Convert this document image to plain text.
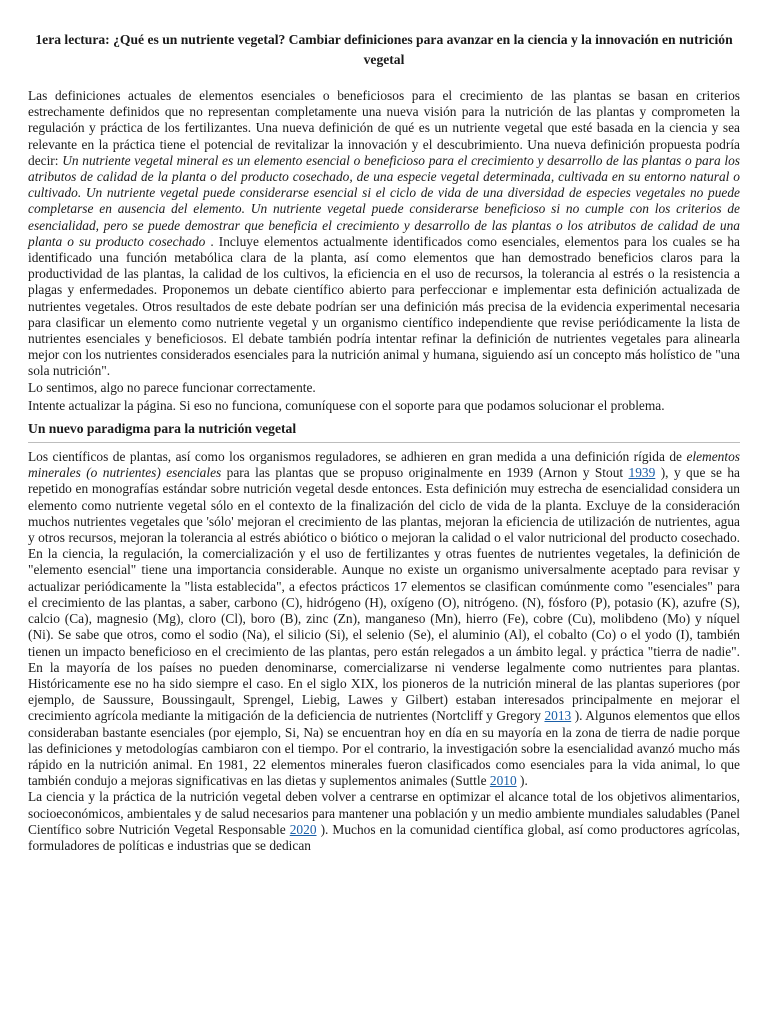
1era lectura: ¿Qué es un nutriente vegetal? Cambiar definiciones para avanzar en la ciencia y la innovación en nutrición vegetal

Las definiciones actuales de elementos esenciales o beneficiosos para el crecimiento de las plantas se basan en criterios estrechamente definidos que no representan completamente una nueva visión para la nutrición de las plantas y comprometen la regulación y práctica de los fertilizantes. Una nueva definición de qué es un nutriente vegetal que esté basada en la ciencia y sea relevante en la práctica tiene el potencial de revitalizar la innovación y el descubrimiento. Una nueva definición propuesta podría decir: Un nutriente vegetal mineral es un elemento esencial o beneficioso para el crecimiento y desarrollo de las plantas o para los atributos de calidad de la planta o del producto cosechado, de una especie vegetal determinada, cultivada en su entorno natural o cultivado. Un nutriente vegetal puede considerarse esencial si el ciclo de vida de una diversidad de especies vegetales no puede completarse en ausencia del elemento. Un nutriente vegetal puede considerarse beneficioso si no cumple con los criterios de esencialidad, pero se puede demostrar que beneficia el crecimiento y desarrollo de las plantas o los atributos de calidad de una planta o su producto cosechado . Incluye elementos actualmente identificados como esenciales, elementos para los cuales se ha identificado una función metabólica clara de la planta, así como elementos que han demostrado beneficios claros para la productividad de las plantas, la calidad de los cultivos, la eficiencia en el uso de recursos, la tolerancia al estrés o la resistencia a plagas y enfermedades. Proponemos un debate científico abierto para perfeccionar e implementar esta definición actualizada de nutrientes vegetales. Otros resultados de este debate podrían ser una definición más precisa de la evidencia experimental necesaria para clasificar un elemento como nutriente vegetal y un organismo científico independiente que revise periódicamente la lista de nutrientes esenciales y beneficiosos. El debate también podría intentar refinar la definición de nutrientes vegetales para alinearla mejor con los nutrientes considerados esenciales para la nutrición animal y humana, siguiendo así un concepto más holístico de "una sola nutrición".

Lo sentimos, algo no parece funcionar correctamente.
Intente actualizar la página. Si eso no funciona, comuníquese con el soporte para que podamos solucionar el problema.
Un nuevo paradigma para la nutrición vegetal

Los científicos de plantas, así como los organismos reguladores, se adhieren en gran medida a una definición rígida de elementos minerales (o nutrientes) esenciales para las plantas que se propuso originalmente en 1939 (Arnon y Stout 1939 ), y que se ha repetido en monografías estándar sobre nutrición vegetal desde entonces. Esta definición muy estrecha de esencialidad considera un elemento como nutriente vegetal sólo en el contexto de la finalización del ciclo de vida de la planta. Excluye de la consideración muchos nutrientes vegetales que 'sólo' mejoran el crecimiento de las plantas, mejoran la eficiencia de utilización de nutrientes, agua y otros recursos, mejoran la tolerancia al estrés abiótico o biótico o mejoran la calidad o el valor nutricional del producto cosechado. En la ciencia, la regulación, la comercialización y el uso de fertilizantes y otras fuentes de nutrientes vegetales, la definición de "elemento esencial" tiene una importancia considerable. Aunque no existe un organismo universalmente aceptado para revisar y actualizar periódicamente la "lista establecida", a efectos prácticos 17 elementos se clasifican comúnmente como "esenciales" para el crecimiento de las plantas, a saber, carbono (C), hidrógeno (H), oxígeno (O), nitrógeno. (N), fósforo (P), potasio (K), azufre (S), calcio (Ca), magnesio (Mg), cloro (Cl), boro (B), zinc (Zn), manganeso (Mn), hierro (Fe), cobre (Cu), molibdeno (Mo) y níquel (Ni). Se sabe que otros, como el sodio (Na), el silicio (Si), el selenio (Se), el aluminio (Al), el cobalto (Co) o el yodo (I), también tienen un impacto beneficioso en el crecimiento de las plantas, pero están relegados a un ámbito legal. y práctica "tierra de nadie". En la mayoría de los países no pueden denominarse, comercializarse ni venderse legalmente como nutrientes para plantas. Históricamente ese no ha sido siempre el caso. En el siglo XIX, los pioneros de la nutrición mineral de las plantas superiores (por ejemplo, de Saussure, Boussingault, Sprengel, Liebig, Lawes y Gilbert) estaban interesados principalmente en mejorar el crecimiento agrícola mediante la mitigación de la deficiencia de nutrientes (Nortcliff y Gregory 2013 ). Algunos elementos que ellos consideraban bastante esenciales (por ejemplo, Si, Na) se encuentran hoy en día en su mayoría en la zona de tierra de nadie porque las definiciones y metodologías cambiaron con el tiempo. Por el contrario, la investigación sobre la esencialidad avanzó mucho más rápido en la nutrición animal. En 1981, 22 elementos minerales fueron clasificados como esenciales para la vida animal, lo que también condujo a mejoras significativas en las dietas y suplementos animales (Suttle 2010 ).

La ciencia y la práctica de la nutrición vegetal deben volver a centrarse en optimizar el alcance total de los objetivos alimentarios, socioeconómicos, ambientales y de salud necesarios para mantener una población y un medio ambiente mundiales saludables (Panel Científico sobre Nutrición Vegetal Responsable 2020 ). Muchos en la comunidad científica global, así como productores agrícolas, formuladores de políticas e industrias que se dedican
